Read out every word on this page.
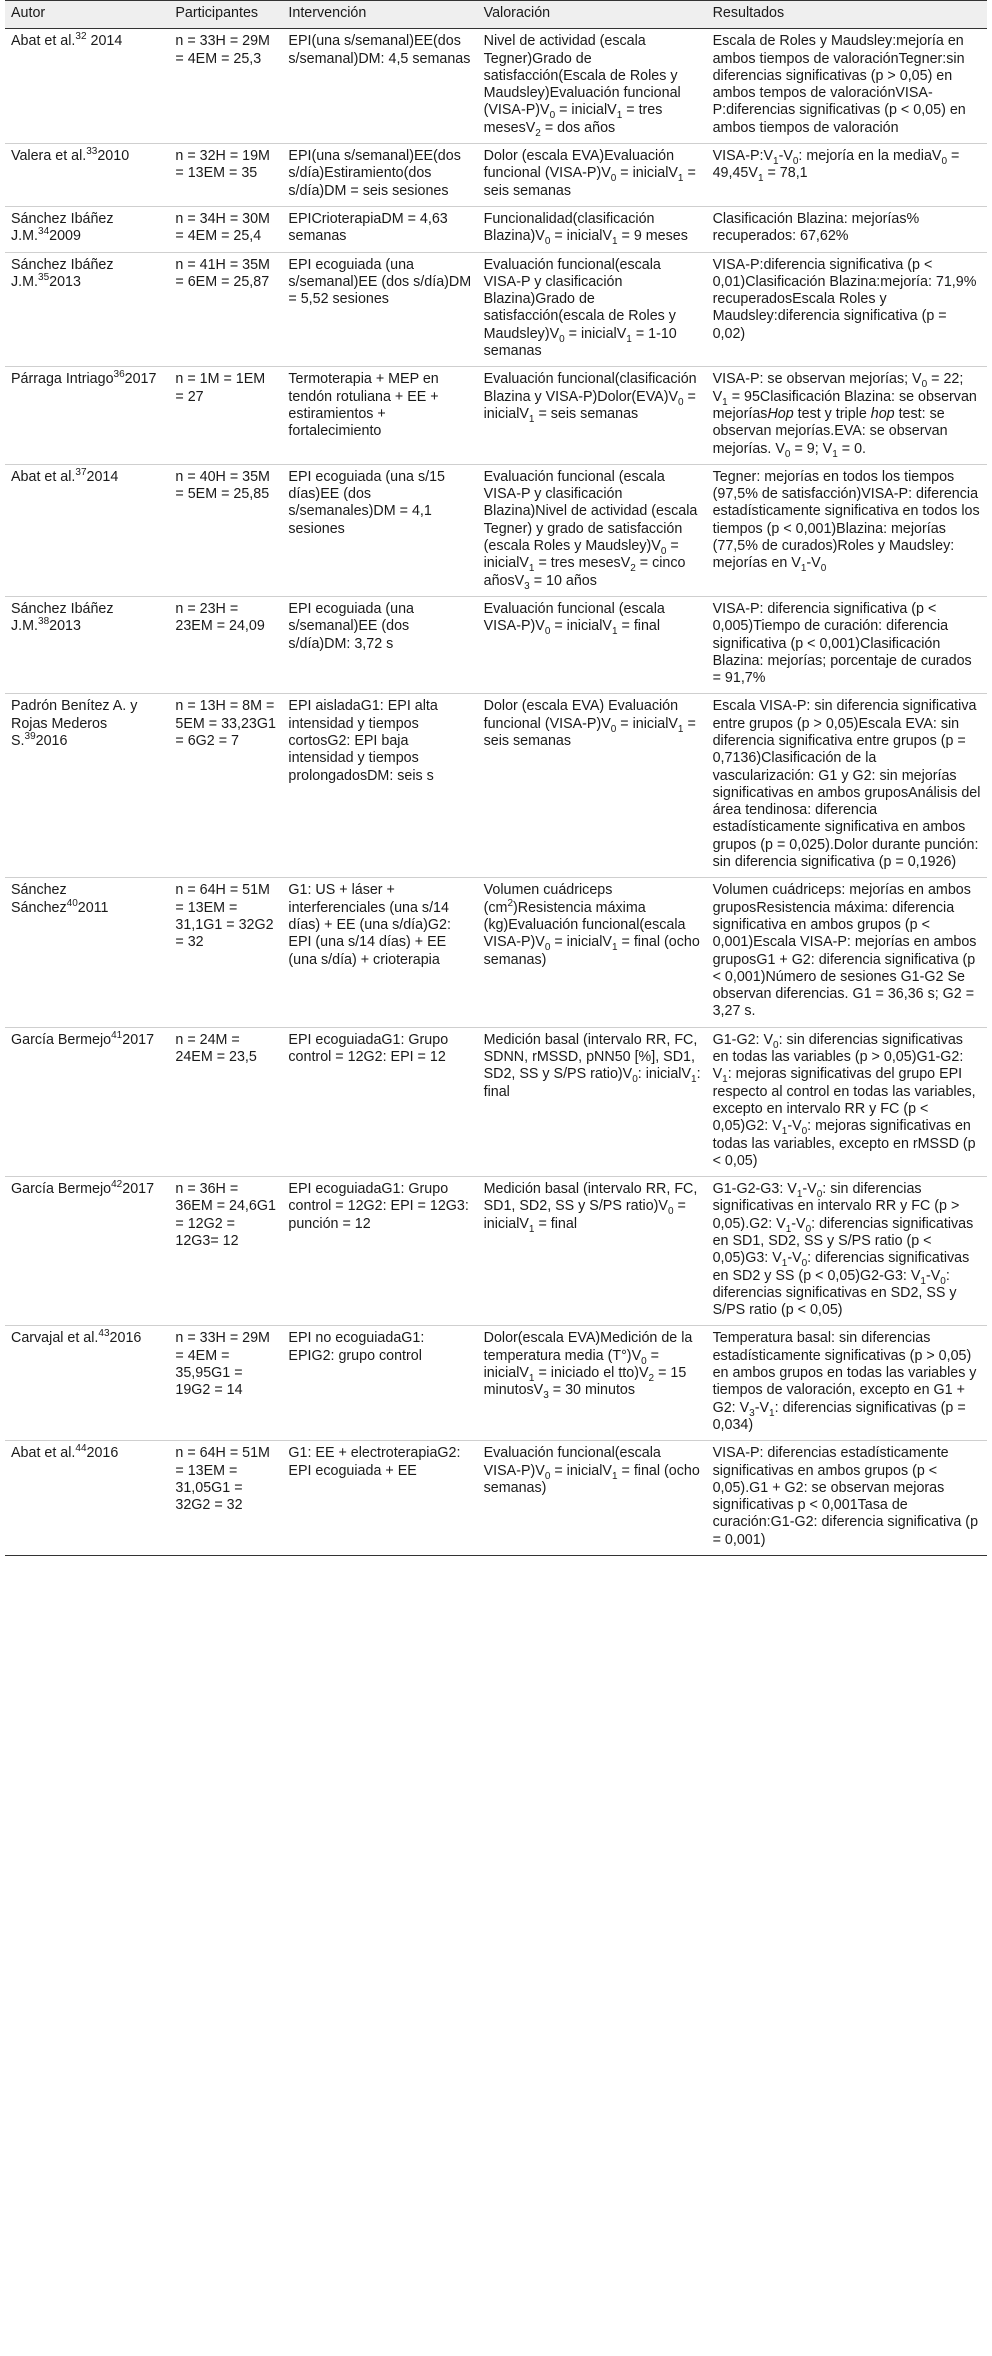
Autor	Participantes	Intervención	Valoración	Resultados
Abat et al.$^{32}$ 2014	n = 33H = 29M = 4EM = 25,3	EPI(una s/semanal)EE(dos s/semanal)DM: 4,5 semanas	Nivel de actividad (escala Tegner)Grado de satisfacción(Escala de Roles y Maudsley)Evaluación funcional $(VISA-P)V_0$ = inicialV$_1$ = tres mesesV$_2$ = dos años	Escala de Roles y Maudsley:mejoría en ambos tiempos de valoraciónTegner:sin diferencias significativas (p > 0,05) en ambos tempos de valoraciónVISA-P:diferencias significativas (p < 0,05) en ambos tiempos de valoración
Valera et al.$^{33}$2010	n = 32H = 19M = 13EM = 35	EPI(una s/semanal)EE(dos s/día)Estiramiento(dos s/día)DM = seis sesiones	Dolor (escala EVA)Evaluación funcional $(VISA-P)V_0$ = inicialV$_1$ = seis semanas	VISA-$P:V_1-V_0$: mejoría en la mediaV$_0$ = $49,45V_1 = 78,1$
Sánchez Ibáñez J.M.$^{34}$2009	n = 34H = 30M = 4EM = 25,4	EPICrioterapiaDM = 4,63 semanas	Funcionalidad(clasificación $Blazina)V_0$ = inicialV$_1$ = 9 meses	Clasificación Blazina: mejorías% recuperados: 67,62%
Sánchez Ibáñez J.M.$^{35}$2013	n = 41H = 35M = 6EM = 25,87	EPI ecoguiada (una s/semanal)EE (dos s/día)DM = 5,52 sesiones	Evaluación funcional(escala VISA-P y clasificación Blazina)Grado de satisfacción(escala de Roles y $Maudsley)V_0$ = inicialV$_1$ = 1-10 semanas	VISA-P:diferencia significativa (p < 0,01)Clasificación Blazina:mejoría: 71,9% recuperadosEscala Roles y Maudsley:diferencia significativa (p = 0,02)
Párraga Intriago$^{36}$2017	n = 1M = 1EM = 27	Termoterapia + MEP en tendón rotuliana + EE + estiramientos + fortalecimiento	Evaluación funcional(clasificación Blazina y VISA-$P)Dolor(EVA)V_0$ = inicialV$_1$ = seis semanas	VISA-P: se observan mejorías; $V_0 = 22$; $V_1$ = 95Clasificación Blazina: se observan mejoríasHop test y triple hop test: se observan mejorías.EVA: se observan mejorías. $V_0 = 9$; $V_1 = 0$.
Abat et al.$^{37}$2014	n = 40H = 35M = 5EM = 25,85	EPI ecoguiada (una s/15 días)EE (dos s/semanales)DM = 4,1 sesiones	Evaluación funcional (escala VISA-P y clasificación Blazina)Nivel de actividad (escala Tegner) y grado de satisfacción (escala Roles y $Maudsley)V_0$ = inicialV$_1$ = tres mesesV$_2$ = cinco añosV$_3$ = 10 años	Tegner: mejorías en todos los tiempos (97,5% de satisfacción)VISA-P: diferencia estadísticamente significativa en todos los tiempos (p < 0,001)Blazina: mejorías (77,5% de curados)Roles y Maudsley: mejorías en $V_1-V_0$
Sánchez Ibáñez J.M.$^{38}$2013	n = 23H = 23EM = 24,09	EPI ecoguiada (una s/semanal)EE (dos s/día)DM: 3,72 s	Evaluación funcional (escala VISA-$P)V_0$ = inicialV$_1$ = final	VISA-P: diferencia significativa (p < 0,005)Tiempo de curación: diferencia significativa (p < 0,001)Clasificación Blazina: mejorías; porcentaje de curados = 91,7%
Padrón Benítez A. y Rojas Mederos S.$^{39}$2016	n = 13H = 8M = 5EM = 33,23G1 = 6G2 = 7	EPI aisladaG1: EPI alta intensidad y tiempos cortosG2: EPI baja intensidad y tiempos prolongadosDM: seis s	Dolor (escala EVA) Evaluación funcional $(VISA-P)V_0$ = inicialV$_1$ = seis semanas	Escala VISA-P: sin diferencia significativa entre grupos (p > 0,05)Escala EVA: sin diferencia significativa entre grupos (p = 0,7136)Clasificación de la vascularización: G1 y G2: sin mejorías significativas en ambos gruposAnálisis del área tendinosa: diferencia estadísticamente significativa en ambos grupos (p = 0,025).Dolor durante punción: sin diferencia significativa (p = 0,1926)
Sánchez Sánchez$^{40}$2011	n = 64H = 51M = 13EM = 31,1G1 = 32G2 = 32	G1: US + láser + interferenciales (una s/14 días) + EE (una s/día)G2: EPI (una s/14 días) + EE (una s/día) + crioterapia	Volumen cuádriceps $(cm^2)Resistencia$ máxima (kg)Evaluación funcional(escala VISA-$P)V_0$ = inicialV$_1$ = final (ocho semanas)	Volumen cuádriceps: mejorías en ambos gruposResistencia máxima: diferencia significativa en ambos grupos (p < 0,001)Escala VISA-P: mejorías en ambos gruposG1 + G2: diferencia significativa (p < 0,001)Número de sesiones G1-G2 Se observan diferencias. G1 = 36,36 s; G2 = 3,27 s.
García Bermejo$^{41}$2017	n = 24M = 24EM = 23,5	EPI ecoguiadaG1: Grupo control = 12G2: EPI = 12	Medición basal (intervalo RR, FC, SDNN, rMSSD, pNN50 [%], SD1, SD2, SS y S/PS $ratio)V_0$: inicialV$_1$: final	G1-G2: $V_0$: sin diferencias significativas en todas las variables (p > 0,05)G1-G2: $V_1$: mejoras significativas del grupo EPI respecto al control en todas las variables, excepto en intervalo RR y FC (p < 0,05)G2: $V_1-V_0$: mejoras significativas en todas las variables, excepto en rMSSD (p < 0,05)
García Bermejo$^{42}$2017	n = 36H = 36EM = 24,6G1 = 12G2 = 12G3= 12	EPI ecoguiadaG1: Grupo control = 12G2: EPI = 12G3: punción = 12	Medición basal (intervalo RR, FC, SD1, SD2, SS y S/PS $ratio)V_0$ = inicialV$_1$ = final	G1-G2-G3: $V_1-V_0$: sin diferencias significativas en intervalo RR y FC (p > 0,05).G2: $V_1-V_0$: diferencias significativas en SD1, SD2, SS y S/PS ratio (p < 0,05)G3: $V_1-V_0$: diferencias significativas en SD2 y SS (p < 0,05)G2-G3: $V_1-V_0$: diferencias significativas en SD2, SS y S/PS ratio (p < 0,05)
Carvajal et al.$^{43}$2016	n = 33H = 29M = 4EM = 35,95G1 = 19G2 = 14	EPI no ecoguiadaG1: EPIG2: grupo control	Dolor(escala EVA)Medición de la temperatura media $(T^\circ)V_0$ = inicialV$_1$ = iniciado el $tto)V_2 = 15$ minutosV$_3$ = 30 minutos	Temperatura basal: sin diferencias estadísticamente significativas (p > 0,05) en ambos grupos en todas las variables y tiempos de valoración, excepto en G1 + G2: $V_3-V_1$: diferencias significativas (p = 0,034)
Abat et al.$^{44}$2016	n = 64H = 51M = 13EM = 31,05G1 = 32G2 = 32	G1: EE + electroterapiaG2: EPI ecoguiada + EE	Evaluación funcional(escala VISA-$P)V_0$ = inicialV$_1$ = final (ocho semanas)	VISA-P: diferencias estadísticamente significativas en ambos grupos (p < 0,05).G1 + G2: se observan mejoras significativas p < 0,001Tasa de curación:G1-G2: diferencia significativa (p = 0,001)
